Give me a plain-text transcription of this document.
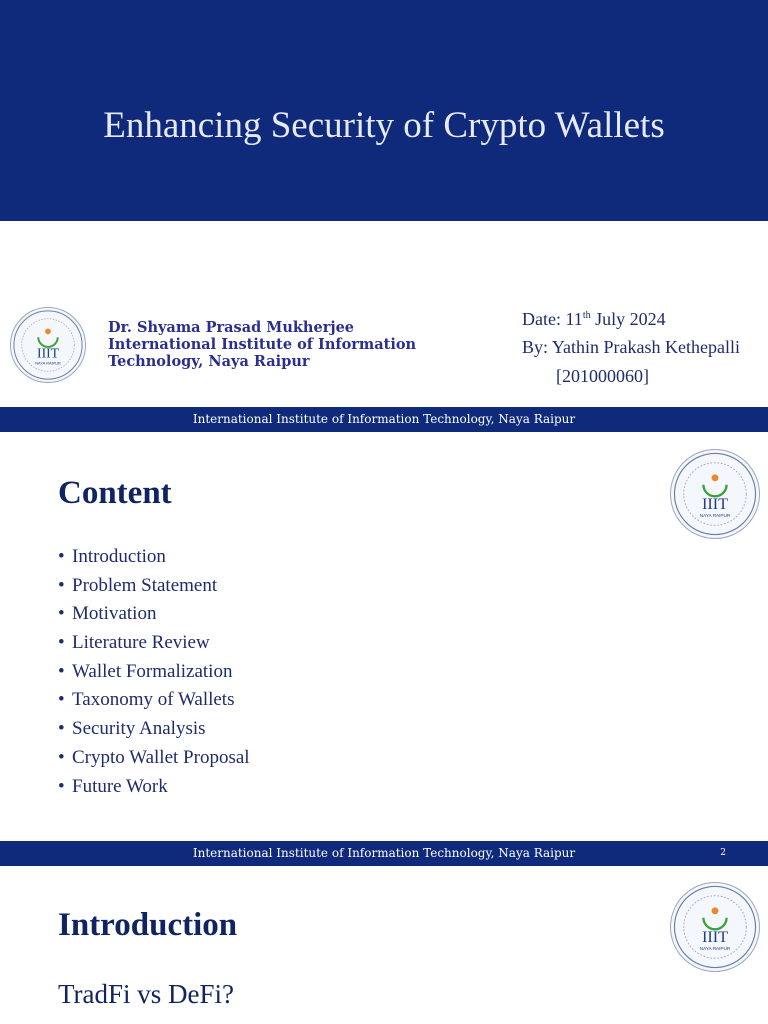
Enhancing Security of Crypto Wallets
IIIT
NAYA RAIPUR
Dr. Shyama Prasad Mukherjee International Institute of Information Technology, Naya Raipur
Date: 11th July 2024
By: Yathin Prakash Kethepalli
[201000060]
International Institute of Information Technology, Naya Raipur
IIIT
NAYA RAIPUR
Content
• Introduction
• Problem Statement
• Motivation
• Literature Review
• Wallet Formalization
• Taxonomy of Wallets
• Security Analysis
• Crypto Wallet Proposal
• Future Work
International Institute of Information Technology, Naya Raipur	2
IIIT
NAYA RAIPUR
Introduction
TradFi vs DeFi?
